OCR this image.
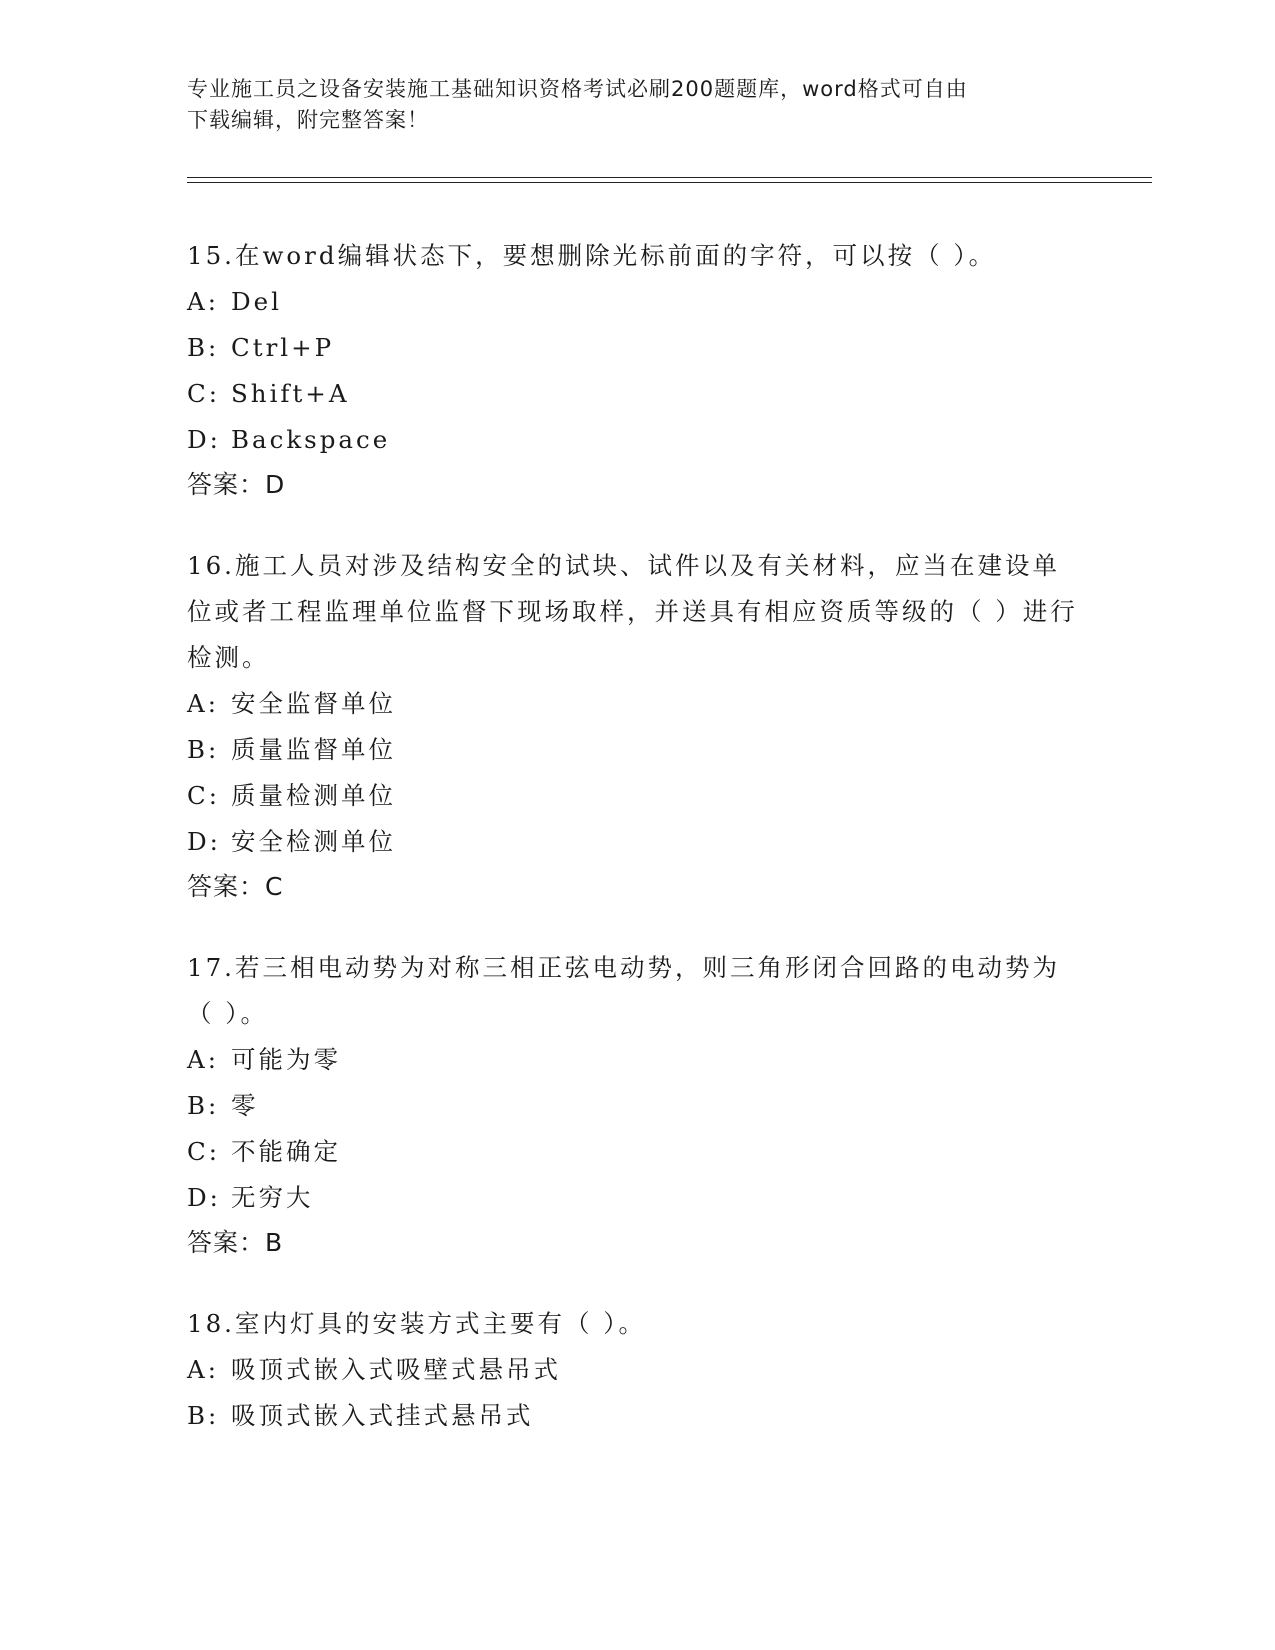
专业施工员之设备安装施工基础知识资格考试必刷200题题库，word格式可自由
下载编辑，附完整答案！

15.在word编辑状态下，要想删除光标前面的字符，可以按（ ）。

A: Del

B: Ctrl+P

C: Shift+A

D: Backspace

答案：D

16.施工人员对涉及结构安全的试块、试件以及有关材料，应当在建设单位或者工程监理单位监督下现场取样，并送具有相应资质等级的（ ）进行检测。

A: 安全监督单位

B: 质量监督单位

C: 质量检测单位

D: 安全检测单位

答案：C

17.若三相电动势为对称三相正弦电动势，则三角形闭合回路的电动势为（ ）。

A: 可能为零

B: 零

C: 不能确定

D: 无穷大

答案：B

18.室内灯具的安装方式主要有（ ）。

A: 吸顶式嵌入式吸壁式悬吊式

B: 吸顶式嵌入式挂式悬吊式
